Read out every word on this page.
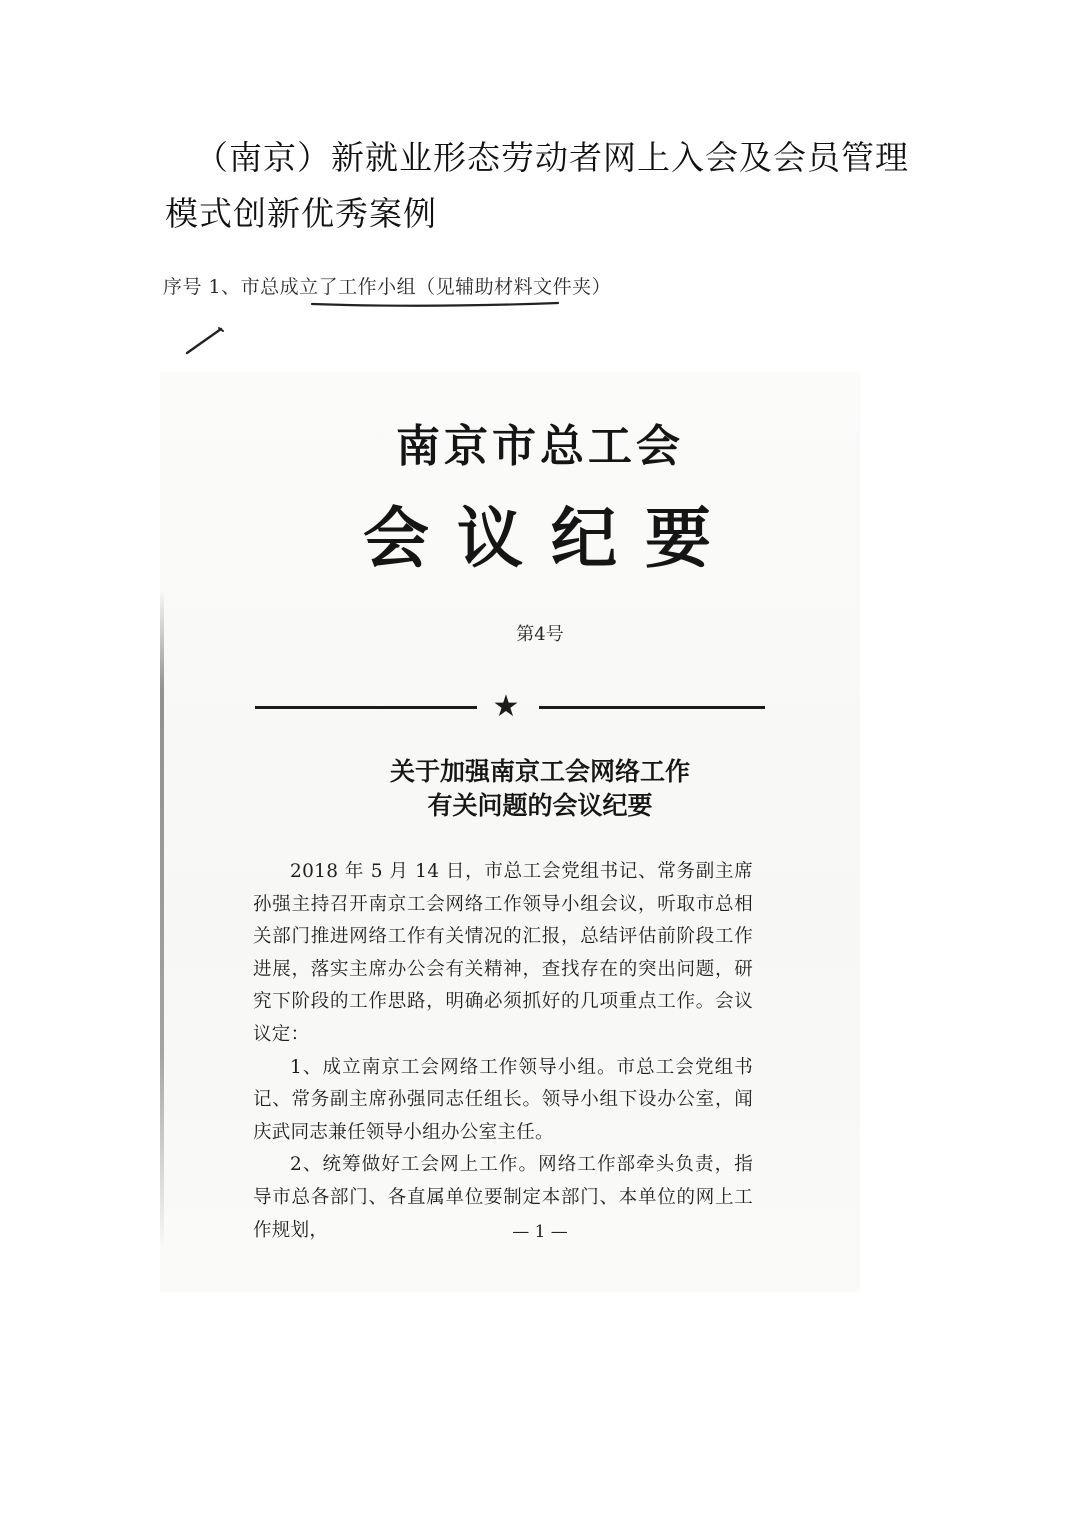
（南京）新就业形态劳动者网上入会及会员管理模式创新优秀案例
序号 1、市总成立了工作小组（见辅助材料文件夹）
南京市总工会
会议纪要
第4号
★
关于加强南京工会网络工作
有关问题的会议纪要

2018 年 5 月 14 日，市总工会党组书记、常务副主席孙强主持召开南京工会网络工作领导小组会议，听取市总相关部门推进网络工作有关情况的汇报，总结评估前阶段工作进展，落实主席办公会有关精神，查找存在的突出问题，研究下阶段的工作思路，明确必须抓好的几项重点工作。会议议定：

1、成立南京工会网络工作领导小组。市总工会党组书记、常务副主席孙强同志任组长。领导小组下设办公室，闻庆武同志兼任领导小组办公室主任。

2、统筹做好工会网上工作。网络工作部牵头负责，指导市总各部门、各直属单位要制定本部门、本单位的网上工作规划，	— 1 —
